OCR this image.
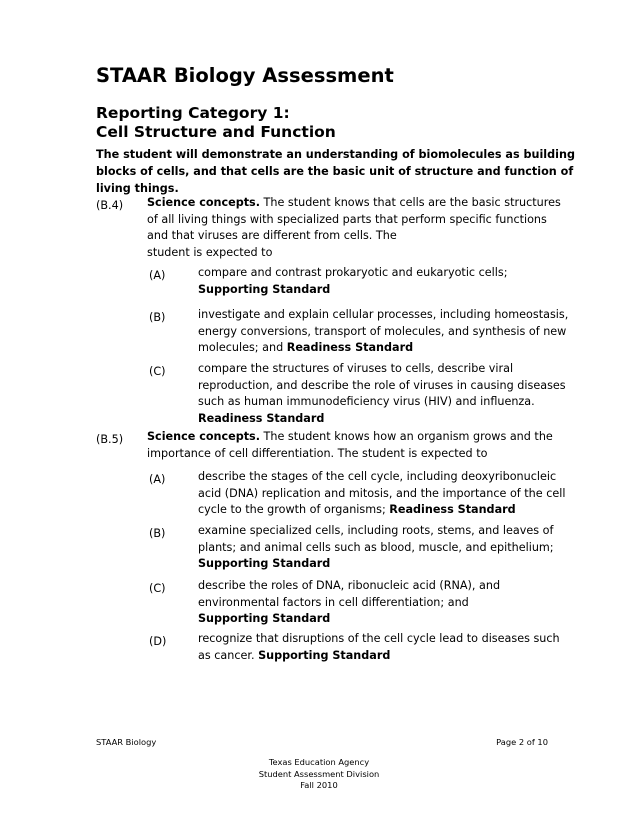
STAAR Biology Assessment
Reporting Category 1:
Cell Structure and Function
The student will demonstrate an understanding of biomolecules as building blocks of cells, and that cells are the basic unit of structure and function of living things.
(B.4) Science concepts. The student knows that cells are the basic structures
of all living things with specialized parts that perform specific functions
and that viruses are different from cells. The
student is expected to
(A)	compare and contrast prokaryotic and eukaryotic cells;
Supporting Standard
(B)	investigate and explain cellular processes, including homeostasis,
energy conversions, transport of molecules, and synthesis of new
molecules; and Readiness Standard
(C)	compare the structures of viruses to cells, describe viral
reproduction, and describe the role of viruses in causing diseases
such as human immunodeficiency virus (HIV) and influenza.
Readiness Standard
(B.5) Science concepts. The student knows how an organism grows and the
importance of cell differentiation. The student is expected to
(A)	describe the stages of the cell cycle, including deoxyribonucleic
acid (DNA) replication and mitosis, and the importance of the cell
cycle to the growth of organisms; Readiness Standard
(B)	examine specialized cells, including roots, stems, and leaves of
plants; and animal cells such as blood, muscle, and epithelium;
Supporting Standard
(C)	describe the roles of DNA, ribonucleic acid (RNA), and
environmental factors in cell differentiation; and
Supporting Standard
(D)	recognize that disruptions of the cell cycle lead to diseases such
as cancer. Supporting Standard
STAAR Biology	Page 2 of 10
Texas Education Agency
Student Assessment Division
Fall 2010
